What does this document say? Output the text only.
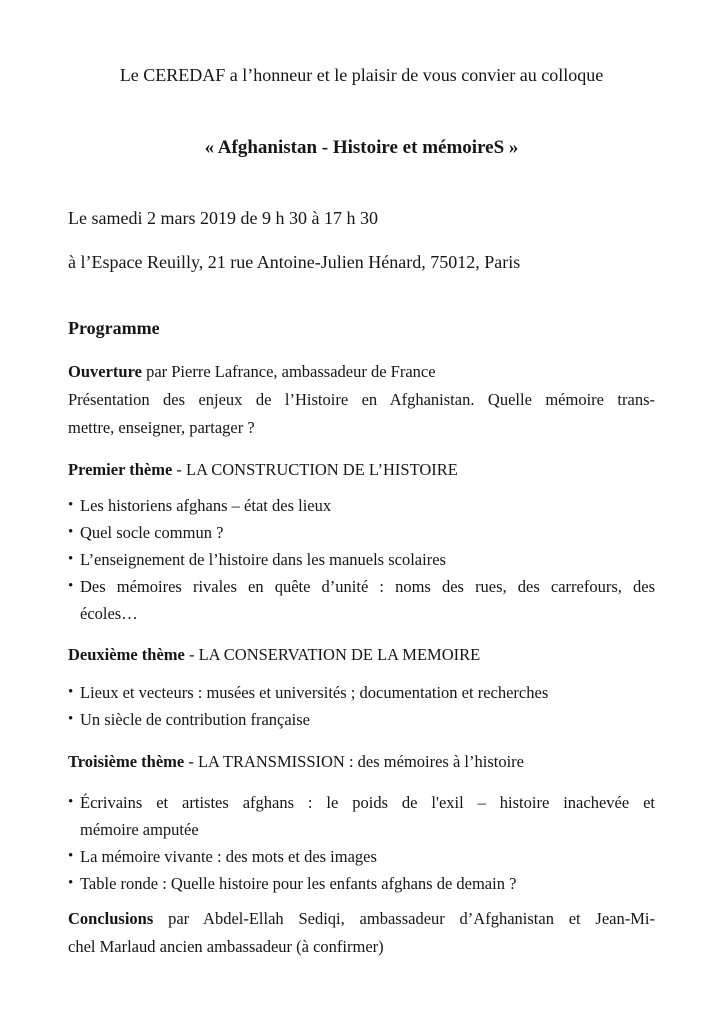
Le CEREDAF a l’honneur et le plaisir de vous convier au colloque

« Afghanistan - Histoire et mémoireS »

Le samedi 2 mars 2019 de 9 h 30 à 17 h 30

à l’Espace Reuilly, 21 rue Antoine-Julien Hénard, 75012, Paris

Programme
Ouverture par Pierre Lafrance, ambassadeur de France
Présentation des enjeux de l’Histoire en Afghanistan. Quelle mémoire trans-
mettre, enseigner, partager ?
Premier thème - LA CONSTRUCTION DE L’HISTOIRE
• Les historiens afghans – état des lieux
• Quel socle commun ?
• L’enseignement de l’histoire dans les manuels scolaires
• Des mémoires rivales en quête d’unité : noms des rues, des carrefours, des
écoles…
Deuxième thème - LA CONSERVATION DE LA MEMOIRE
• Lieux et vecteurs : musées et universités ; documentation et recherches
• Un siècle de contribution française
Troisième thème - LA TRANSMISSION : des mémoires à l’histoire
• Écrivains et artistes afghans : le poids de l'exil – histoire inachevée et
mémoire amputée
• La mémoire vivante : des mots et des images
• Table ronde : Quelle histoire pour les enfants afghans de demain ?
Conclusions par Abdel-Ellah Sediqi, ambassadeur d’Afghanistan et Jean-Mi-
chel Marlaud ancien ambassadeur (à confirmer)
